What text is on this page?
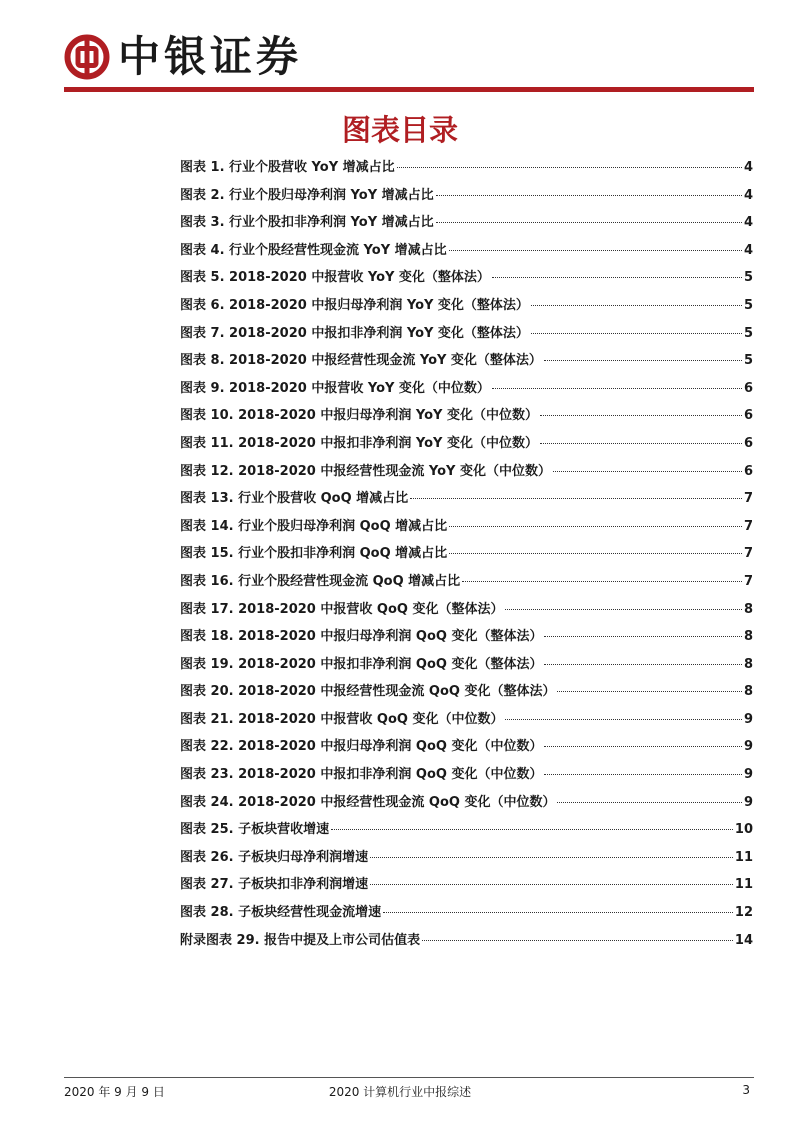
中银证券
图表目录
图表 1. 行业个股营收 YoY 增减占比	4
图表 2. 行业个股归母净利润 YoY 增减占比	4
图表 3. 行业个股扣非净利润 YoY 增减占比	4
图表 4. 行业个股经营性现金流 YoY 增减占比	4
图表 5. 2018-2020 中报营收 YoY 变化（整体法）	5
图表 6. 2018-2020 中报归母净利润 YoY 变化（整体法）	5
图表 7. 2018-2020 中报扣非净利润 YoY 变化（整体法）	5
图表 8. 2018-2020 中报经营性现金流 YoY 变化（整体法）	5
图表 9. 2018-2020 中报营收 YoY 变化（中位数）	6
图表 10. 2018-2020 中报归母净利润 YoY 变化（中位数）	6
图表 11. 2018-2020 中报扣非净利润 YoY 变化（中位数）	6
图表 12. 2018-2020 中报经营性现金流 YoY 变化（中位数）	6
图表 13. 行业个股营收 QoQ 增减占比	7
图表 14. 行业个股归母净利润 QoQ 增减占比	7
图表 15. 行业个股扣非净利润 QoQ 增减占比	7
图表 16. 行业个股经营性现金流 QoQ 增减占比	7
图表 17. 2018-2020 中报营收 QoQ 变化（整体法）	8
图表 18. 2018-2020 中报归母净利润 QoQ 变化（整体法）	8
图表 19. 2018-2020 中报扣非净利润 QoQ 变化（整体法）	8
图表 20. 2018-2020 中报经营性现金流 QoQ 变化（整体法）	8
图表 21. 2018-2020 中报营收 QoQ 变化（中位数）	9
图表 22. 2018-2020 中报归母净利润 QoQ 变化（中位数）	9
图表 23. 2018-2020 中报扣非净利润 QoQ 变化（中位数）	9
图表 24. 2018-2020 中报经营性现金流 QoQ 变化（中位数）	9
图表 25. 子板块营收增速	10
图表 26. 子板块归母净利润增速	11
图表 27. 子板块扣非净利润增速	11
图表 28. 子板块经营性现金流增速	12
附录图表 29. 报告中提及上市公司估值表	14
2020 年 9 月 9 日	2020 计算机行业中报综述	3
